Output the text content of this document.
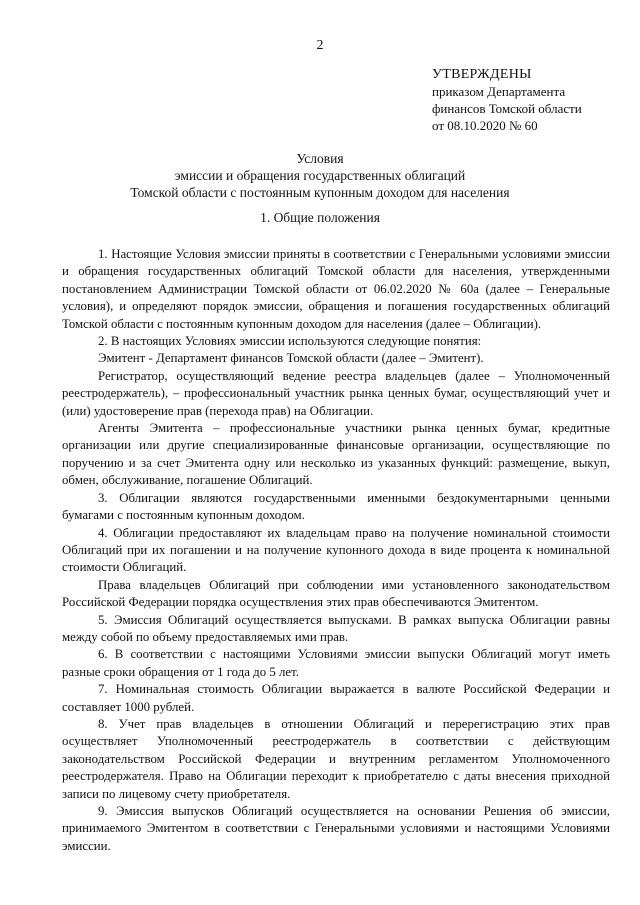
2
УТВЕРЖДЕНЫ
приказом Департамента
финансов Томской области
от 08.10.2020 № 60
Условия
эмиссии и обращения государственных облигаций
Томской области с постоянным купонным доходом для населения
1. Общие положения

1. Настоящие Условия эмиссии приняты в соответствии с Генеральными условиями эмиссии и обращения государственных облигаций Томской области для населения, утвержденными постановлением Администрации Томской области от 06.02.2020 № 60а (далее – Генеральные условия), и определяют порядок эмиссии, обращения и погашения государственных облигаций Томской области с постоянным купонным доходом для населения (далее – Облигации).

2. В настоящих Условиях эмиссии используются следующие понятия:

Эмитент - Департамент финансов Томской области (далее – Эмитент).

Регистратор, осуществляющий ведение реестра владельцев (далее – Уполномоченный реестродержатель), – профессиональный участник рынка ценных бумаг, осуществляющий учет и (или) удостоверение прав (перехода прав) на Облигации.

Агенты Эмитента – профессиональные участники рынка ценных бумаг, кредитные организации или другие специализированные финансовые организации, осуществляющие по поручению и за счет Эмитента одну или несколько из указанных функций: размещение, выкуп, обмен, обслуживание, погашение Облигаций.

3. Облигации являются государственными именными бездокументарными ценными бумагами с постоянным купонным доходом.

4. Облигации предоставляют их владельцам право на получение номинальной стоимости Облигаций при их погашении и на получение купонного дохода в виде процента к номинальной стоимости Облигаций.

Права владельцев Облигаций при соблюдении ими установленного законодательством Российской Федерации порядка осуществления этих прав обеспечиваются Эмитентом.

5. Эмиссия Облигаций осуществляется выпусками. В рамках выпуска Облигации равны между собой по объему предоставляемых ими прав.

6. В соответствии с настоящими Условиями эмиссии выпуски Облигаций могут иметь разные сроки обращения от 1 года до 5 лет.

7. Номинальная стоимость Облигации выражается в валюте Российской Федерации и составляет 1000 рублей.

8. Учет прав владельцев в отношении Облигаций и перерегистрацию этих прав осуществляет Уполномоченный реестродержатель в соответствии с действующим законодательством Российской Федерации и внутренним регламентом Уполномоченного реестродержателя. Право на Облигации переходит к приобретателю с даты внесения приходной записи по лицевому счету приобретателя.

9. Эмиссия выпусков Облигаций осуществляется на основании Решения об эмиссии, принимаемого Эмитентом в соответствии с Генеральными условиями и настоящими Условиями эмиссии.
